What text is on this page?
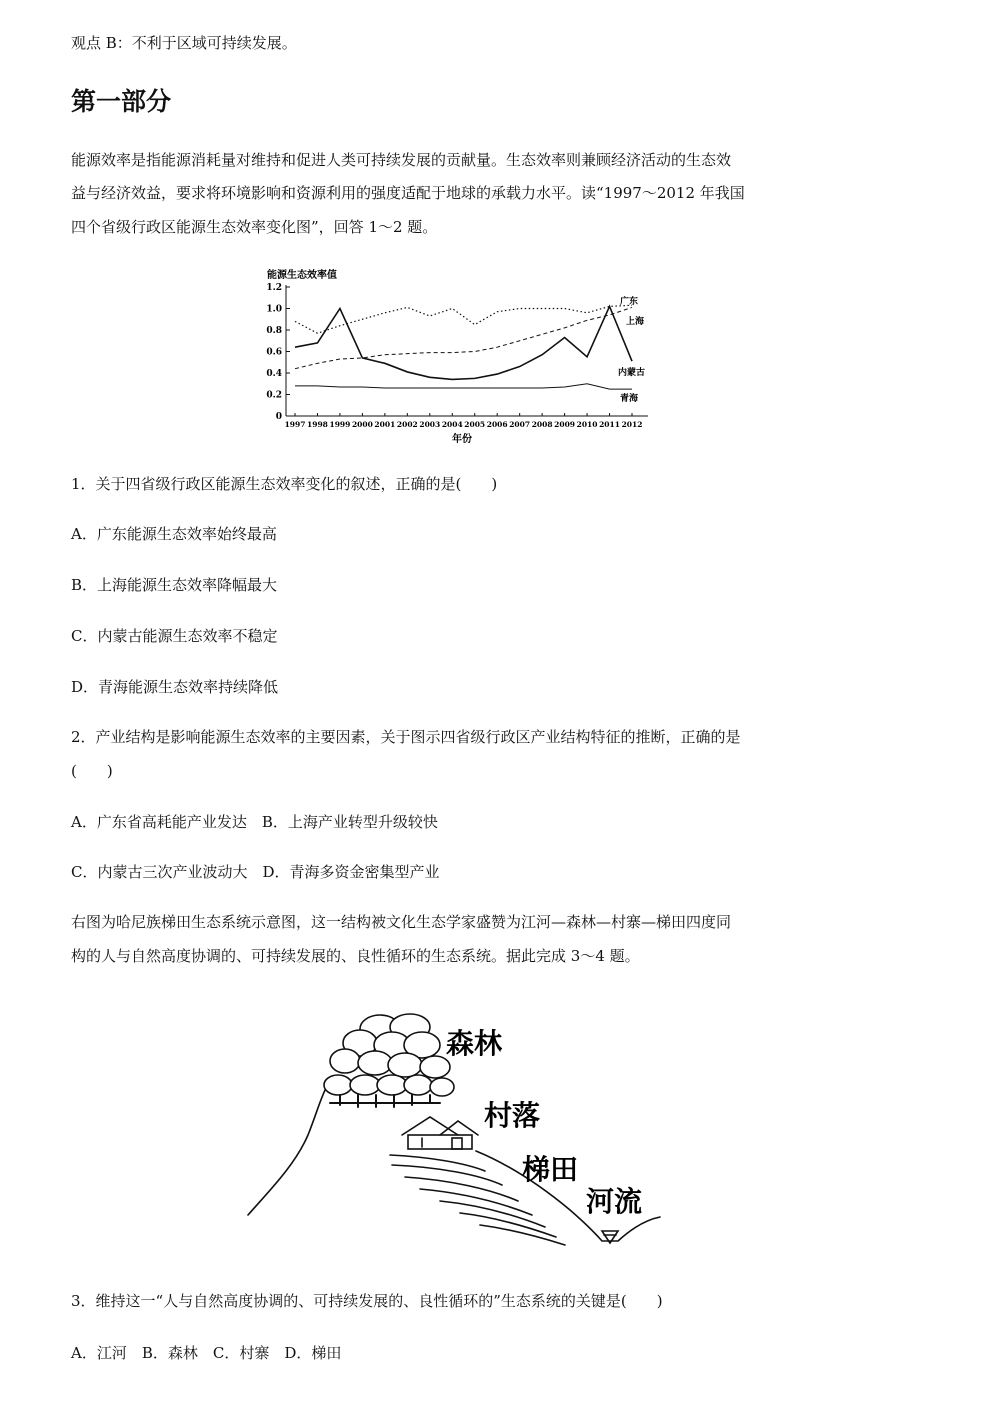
观点 B：不利于区域可持续发展。
第一部分
能源效率是指能源消耗量对维持和促进人类可持续发展的贡献量。生态效率则兼顾经济活动的生态效
益与经济效益，要求将环境影响和资源利用的强度适配于地球的承载力水平。读“1997～2012 年我国
四个省级行政区能源生态效率变化图”，回答 1～2 题。
能源生态效率值
0
0.2
0.4
0.6
0.8
1.0
1.2
1997 1998 1999 2000 2001 2002 2003 2004 2005 2006 2007 2008 2009 2010 2011 2012
广东
上海
内蒙古
青海
年份
1．关于四省级行政区能源生态效率变化的叙述，正确的是(　　)
A．广东能源生态效率始终最高
B．上海能源生态效率降幅最大
C．内蒙古能源生态效率不稳定
D．青海能源生态效率持续降低
2．产业结构是影响能源生态效率的主要因素，关于图示四省级行政区产业结构特征的推断，正确的是
(　　)
A．广东省高耗能产业发达　B．上海产业转型升级较快
C．内蒙古三次产业波动大　D．青海多资金密集型产业
右图为哈尼族梯田生态系统示意图，这一结构被文化生态学家盛赞为江河—森林—村寨—梯田四度同
构的人与自然高度协调的、可持续发展的、良性循环的生态系统。据此完成 3～4 题。
森林
村落
梯田
河流
3．维持这一“人与自然高度协调的、可持续发展的、良性循环的”生态系统的关键是(　　)
A．江河　B．森林　C．村寨　D．梯田
